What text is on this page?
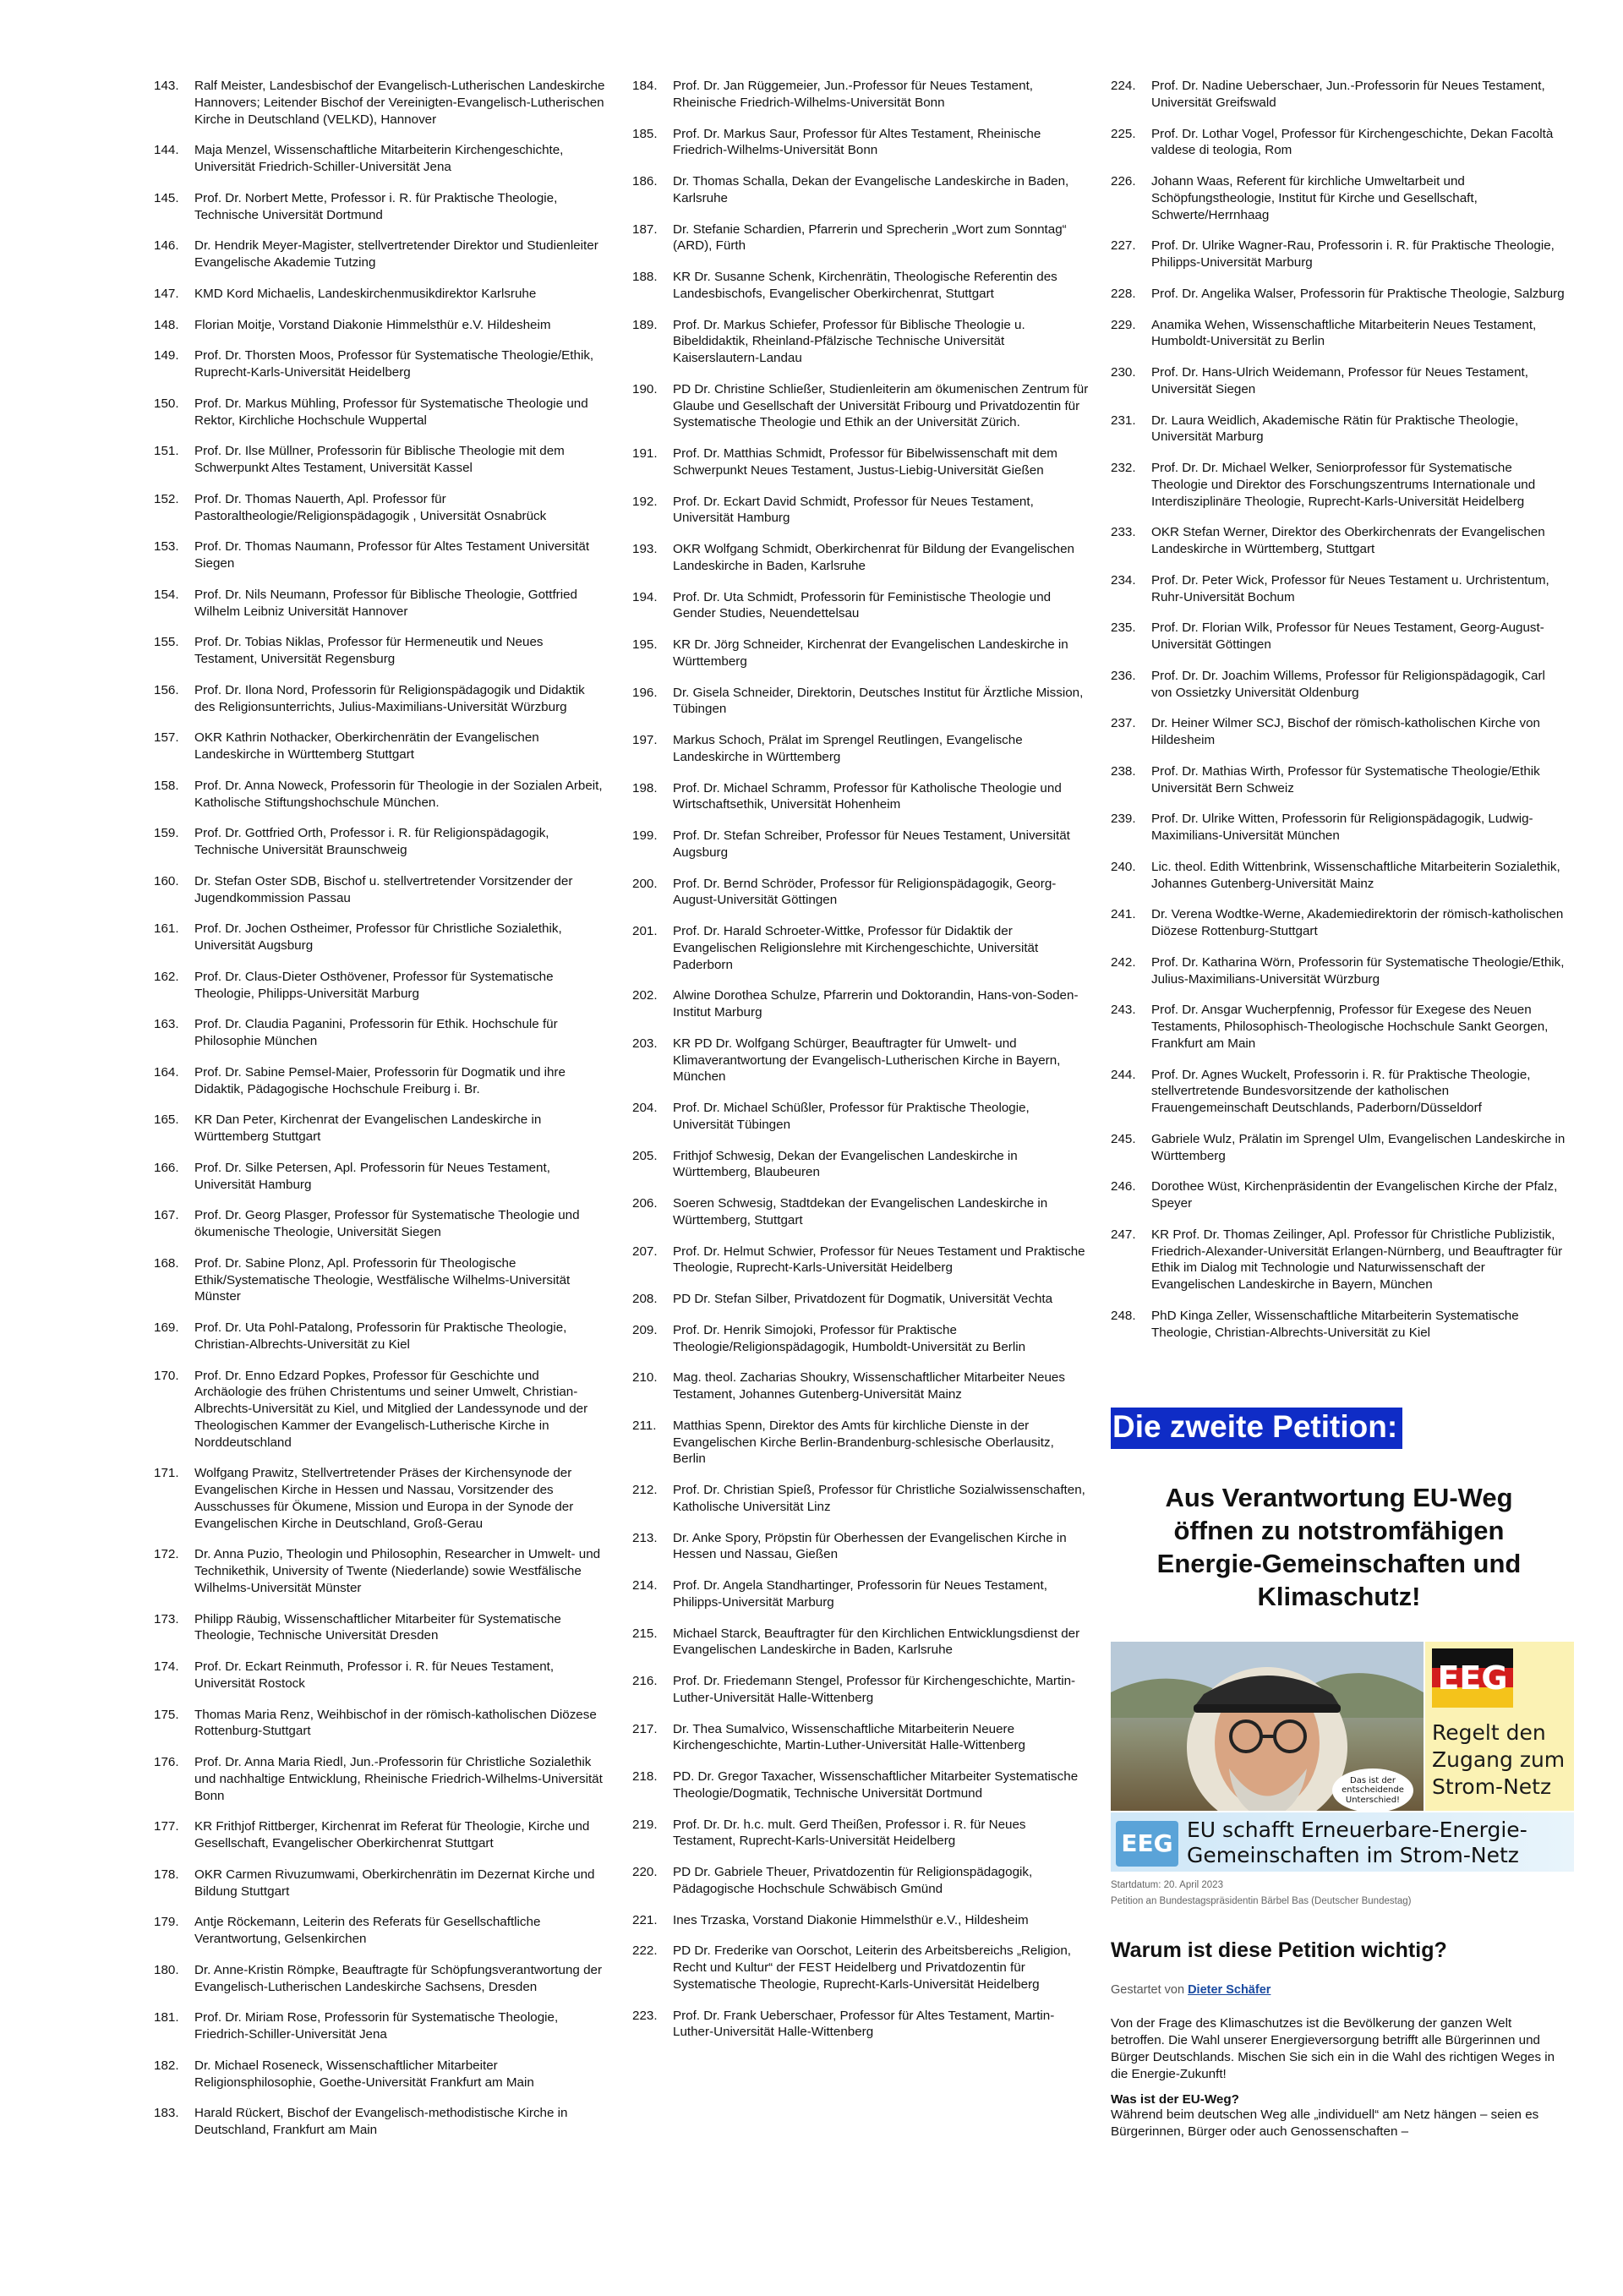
143.	Ralf Meister, Landesbischof der Evangelisch-Lutherischen Landeskirche Hannovers; Leitender Bischof der Vereinigten-Evangelisch-Lutherischen Kirche in Deutschland (VELKD), Hannover
144.	Maja Menzel, Wissenschaftliche Mitarbeiterin Kirchengeschichte, Universität Friedrich-Schiller-Universität Jena
145.	Prof. Dr. Norbert Mette, Professor i. R. für Praktische Theologie, Technische Universität Dortmund
146.	Dr. Hendrik Meyer-Magister, stellvertretender Direktor und Studienleiter Evangelische Akademie Tutzing
147.	KMD Kord Michaelis, Landeskirchenmusikdirektor Karlsruhe
148.	Florian Moitje, Vorstand Diakonie Himmelsthür e.V. Hildesheim
149.	Prof. Dr. Thorsten Moos, Professor für Systematische Theologie/Ethik, Ruprecht-Karls-Universität Heidelberg
150.	Prof. Dr. Markus Mühling, Professor für Systematische Theologie und Rektor, Kirchliche Hochschule Wuppertal
151.	Prof. Dr. Ilse Müllner, Professorin für Biblische Theologie mit dem Schwerpunkt Altes Testament, Universität Kassel
152.	Prof. Dr. Thomas Nauerth, Apl. Professor für Pastoraltheologie/Religionspädagogik , Universität Osnabrück
153.	Prof. Dr. Thomas Naumann, Professor für Altes Testament Universität Siegen
154.	Prof. Dr. Nils Neumann, Professor für Biblische Theologie, Gottfried Wilhelm Leibniz Universität Hannover
155.	Prof. Dr. Tobias Niklas, Professor für Hermeneutik und Neues Testament, Universität Regensburg
156.	Prof. Dr. Ilona Nord, Professorin für Religionspädagogik und Didaktik des Religionsunterrichts, Julius-Maximilians-Universität Würzburg
157.	OKR Kathrin Nothacker, Oberkirchenrätin der Evangelischen Landeskirche in Württemberg Stuttgart
158.	Prof. Dr. Anna Noweck, Professorin für Theologie in der Sozialen Arbeit, Katholische Stiftungshochschule München.
159.	Prof. Dr. Gottfried Orth, Professor i. R. für Religionspädagogik, Technische Universität Braunschweig
160.	Dr. Stefan Oster SDB, Bischof u. stellvertretender Vorsitzender der Jugendkommission Passau
161.	Prof. Dr. Jochen Ostheimer, Professor für Christliche Sozialethik, Universität Augsburg
162.	Prof. Dr. Claus-Dieter Osthövener, Professor für Systematische Theologie, Philipps-Universität Marburg
163.	Prof. Dr. Claudia Paganini, Professorin für Ethik. Hochschule für Philosophie München
164.	Prof. Dr. Sabine Pemsel-Maier, Professorin für Dogmatik und ihre Didaktik, Pädagogische Hochschule Freiburg i. Br.
165.	KR Dan Peter, Kirchenrat der Evangelischen Landeskirche in Württemberg Stuttgart
166.	Prof. Dr. Silke Petersen, Apl. Professorin für Neues Testament, Universität Hamburg
167.	Prof. Dr. Georg Plasger, Professor für Systematische Theologie und ökumenische Theologie, Universität Siegen
168.	Prof. Dr. Sabine Plonz, Apl. Professorin für Theologische Ethik/Systematische Theologie, Westfälische Wilhelms-Universität Münster
169.	Prof. Dr. Uta Pohl-Patalong, Professorin für Praktische Theologie, Christian-Albrechts-Universität zu Kiel
170.	Prof. Dr. Enno Edzard Popkes, Professor für Geschichte und Archäologie des frühen Christentums und seiner Umwelt, Christian-Albrechts-Universität zu Kiel, und Mitglied der Landessynode und der Theologischen Kammer der Evangelisch-Lutherische Kirche in Norddeutschland
171.	Wolfgang Prawitz, Stellvertretender Präses der Kirchensynode der Evangelischen Kirche in Hessen und Nassau, Vorsitzender des Ausschusses für Ökumene, Mission und Europa in der Synode der Evangelischen Kirche in Deutschland, Groß-Gerau
172.	Dr. Anna Puzio, Theologin und Philosophin, Researcher in Umwelt- und Technikethik, University of Twente (Niederlande) sowie Westfälische Wilhelms-Universität Münster
173.	Philipp Räubig, Wissenschaftlicher Mitarbeiter für Systematische Theologie, Technische Universität Dresden
174.	Prof. Dr. Eckart Reinmuth, Professor i. R. für Neues Testament, Universität Rostock
175.	Thomas Maria Renz, Weihbischof in der römisch-katholischen Diözese Rottenburg-Stuttgart
176.	Prof. Dr. Anna Maria Riedl, Jun.-Professorin für Christliche Sozialethik und nachhaltige Entwicklung, Rheinische Friedrich-Wilhelms-Universität Bonn
177.	KR Frithjof Rittberger, Kirchenrat im Referat für Theologie, Kirche und Gesellschaft, Evangelischer Oberkirchenrat Stuttgart
178.	OKR Carmen Rivuzumwami, Oberkirchenrätin im Dezernat Kirche und Bildung Stuttgart
179.	Antje Röckemann, Leiterin des Referats für Gesellschaftliche Verantwortung, Gelsenkirchen
180.	Dr. Anne-Kristin Römpke, Beauftragte für Schöpfungsverantwortung der Evangelisch-Lutherischen Landeskirche Sachsens, Dresden
181.	Prof. Dr. Miriam Rose, Professorin für Systematische Theologie, Friedrich-Schiller-Universität Jena
182.	Dr. Michael Roseneck, Wissenschaftlicher Mitarbeiter Religionsphilosophie, Goethe-Universität Frankfurt am Main
183.	Harald Rückert, Bischof der Evangelisch-methodistische Kirche in Deutschland, Frankfurt am Main
184.	Prof. Dr. Jan Rüggemeier, Jun.-Professor für Neues Testament, Rheinische Friedrich-Wilhelms-Universität Bonn
185.	Prof. Dr. Markus Saur, Professor für Altes Testament, Rheinische Friedrich-Wilhelms-Universität Bonn
186.	Dr. Thomas Schalla, Dekan der Evangelische Landeskirche in Baden, Karlsruhe
187.	Dr. Stefanie Schardien, Pfarrerin und Sprecherin „Wort zum Sonntag“ (ARD), Fürth
188.	KR Dr. Susanne Schenk, Kirchenrätin, Theologische Referentin des Landesbischofs, Evangelischer Oberkirchenrat, Stuttgart
189.	Prof. Dr. Markus Schiefer, Professor für Biblische Theologie u. Bibeldidaktik, Rheinland-Pfälzische Technische Universität Kaiserslautern-Landau
190.	PD Dr. Christine Schließer, Studienleiterin am ökumenischen Zentrum für Glaube und Gesellschaft der Universität Fribourg und Privatdozentin für Systematische Theologie und Ethik an der Universität Zürich.
191.	Prof. Dr. Matthias Schmidt, Professor für Bibelwissenschaft mit dem Schwerpunkt Neues Testament, Justus-Liebig-Universität Gießen
192.	Prof. Dr. Eckart David Schmidt, Professor für Neues Testament, Universität Hamburg
193.	OKR Wolfgang Schmidt, Oberkirchenrat für Bildung der Evangelischen Landeskirche in Baden, Karlsruhe
194.	Prof. Dr. Uta Schmidt, Professorin für Feministische Theologie und Gender Studies, Neuendettelsau
195.	KR Dr. Jörg Schneider, Kirchenrat der Evangelischen Landeskirche in Württemberg
196.	Dr. Gisela Schneider, Direktorin, Deutsches Institut für Ärztliche Mission, Tübingen
197.	Markus Schoch, Prälat im Sprengel Reutlingen, Evangelische Landeskirche in Württemberg
198.	Prof. Dr. Michael Schramm, Professor für Katholische Theologie und Wirtschaftsethik, Universität Hohenheim
199.	Prof. Dr. Stefan Schreiber, Professor für Neues Testament, Universität Augsburg
200.	Prof. Dr. Bernd Schröder, Professor für Religionspädagogik, Georg-August-Universität Göttingen
201.	Prof. Dr. Harald Schroeter-Wittke, Professor für Didaktik der Evangelischen Religionslehre mit Kirchengeschichte, Universität Paderborn
202.	Alwine Dorothea Schulze, Pfarrerin und Doktorandin, Hans-von-Soden-Institut Marburg
203.	KR PD Dr. Wolfgang Schürger, Beauftragter für Umwelt- und Klimaverantwortung der Evangelisch-Lutherischen Kirche in Bayern, München
204.	Prof. Dr. Michael Schüßler, Professor für Praktische Theologie, Universität Tübingen
205.	Frithjof Schwesig, Dekan der Evangelischen Landeskirche in Württemberg, Blaubeuren
206.	Soeren Schwesig, Stadtdekan der Evangelischen Landeskirche in Württemberg, Stuttgart
207.	Prof. Dr. Helmut Schwier, Professor für Neues Testament und Praktische Theologie, Ruprecht-Karls-Universität Heidelberg
208.	PD Dr. Stefan Silber, Privatdozent für Dogmatik, Universität Vechta
209.	Prof. Dr. Henrik Simojoki, Professor für Praktische Theologie/Religionspädagogik, Humboldt-Universität zu Berlin
210.	Mag. theol. Zacharias Shoukry, Wissenschaftlicher Mitarbeiter Neues Testament, Johannes Gutenberg-Universität Mainz
211.	Matthias Spenn, Direktor des Amts für kirchliche Dienste in der Evangelischen Kirche Berlin-Brandenburg-schlesische Oberlausitz, Berlin
212.	Prof. Dr. Christian Spieß, Professor für Christliche Sozialwissenschaften, Katholische Universität Linz
213.	Dr. Anke Spory, Pröpstin für Oberhessen der Evangelischen Kirche in Hessen und Nassau, Gießen
214.	Prof. Dr. Angela Standhartinger, Professorin für Neues Testament, Philipps-Universität Marburg
215.	Michael Starck, Beauftragter für den Kirchlichen Entwicklungsdienst der Evangelischen Landeskirche in Baden, Karlsruhe
216.	Prof. Dr. Friedemann Stengel, Professor für Kirchengeschichte, Martin-Luther-Universität Halle-Wittenberg
217.	Dr. Thea Sumalvico, Wissenschaftliche Mitarbeiterin Neuere Kirchengeschichte, Martin-Luther-Universität Halle-Wittenberg
218.	PD. Dr. Gregor Taxacher, Wissenschaftlicher Mitarbeiter Systematische Theologie/Dogmatik, Technische Universität Dortmund
219.	Prof. Dr. Dr. h.c. mult. Gerd Theißen, Professor i. R. für Neues Testament, Ruprecht-Karls-Universität Heidelberg
220.	PD Dr. Gabriele Theuer, Privatdozentin für Religionspädagogik, Pädagogische Hochschule Schwäbisch Gmünd
221.	Ines Trzaska, Vorstand Diakonie Himmelsthür e.V., Hildesheim
222.	PD Dr. Frederike van Oorschot, Leiterin des Arbeitsbereichs „Religion, Recht und Kultur“ der FEST Heidelberg und Privatdozentin für Systematische Theologie, Ruprecht-Karls-Universität Heidelberg
223.	Prof. Dr. Frank Ueberschaer, Professor für Altes Testament, Martin-Luther-Universität Halle-Wittenberg
224.	Prof. Dr. Nadine Ueberschaer, Jun.-Professorin für Neues Testament, Universität Greifswald
225.	Prof. Dr. Lothar Vogel, Professor für Kirchengeschichte, Dekan Facoltà valdese di teologia, Rom
226.	Johann Waas, Referent für kirchliche Umweltarbeit und Schöpfungstheologie, Institut für Kirche und Gesellschaft, Schwerte/Herrnhaag
227.	Prof. Dr. Ulrike Wagner-Rau, Professorin i. R. für Praktische Theologie, Philipps-Universität Marburg
228.	Prof. Dr. Angelika Walser, Professorin für Praktische Theologie, Salzburg
229.	Anamika Wehen, Wissenschaftliche Mitarbeiterin Neues Testament, Humboldt-Universität zu Berlin
230.	Prof. Dr. Hans-Ulrich Weidemann, Professor für Neues Testament, Universität Siegen
231.	Dr. Laura Weidlich, Akademische Rätin für Praktische Theologie, Universität Marburg
232.	Prof. Dr. Dr. Michael Welker, Seniorprofessor für Systematische Theologie und Direktor des Forschungszentrums Internationale und Interdisziplinäre Theologie, Ruprecht-Karls-Universität Heidelberg
233.	OKR Stefan Werner, Direktor des Oberkirchenrats der Evangelischen Landeskirche in Württemberg, Stuttgart
234.	Prof. Dr. Peter Wick, Professor für Neues Testament u. Urchristentum, Ruhr-Universität Bochum
235.	Prof. Dr. Florian Wilk, Professor für Neues Testament, Georg-August-Universität Göttingen
236.	Prof. Dr. Dr. Joachim Willems, Professor für Religionspädagogik, Carl von Ossietzky Universität Oldenburg
237.	Dr. Heiner Wilmer SCJ, Bischof der römisch-katholischen Kirche von Hildesheim
238.	Prof. Dr. Mathias Wirth, Professor für Systematische Theologie/Ethik Universität Bern Schweiz
239.	Prof. Dr. Ulrike Witten, Professorin für Religionspädagogik, Ludwig-Maximilians-Universität München
240.	Lic. theol. Edith Wittenbrink, Wissenschaftliche Mitarbeiterin Sozialethik, Johannes Gutenberg-Universität Mainz
241.	Dr. Verena Wodtke-Werne, Akademiedirektorin der römisch-katholischen Diözese Rottenburg-Stuttgart
242.	Prof. Dr. Katharina Wörn, Professorin für Systematische Theologie/Ethik, Julius-Maximilians-Universität Würzburg
243.	Prof. Dr. Ansgar Wucherpfennig, Professor für Exegese des Neuen Testaments, Philosophisch-Theologische Hochschule Sankt Georgen, Frankfurt am Main
244.	Prof. Dr. Agnes Wuckelt, Professorin i. R. für Praktische Theologie, stellvertretende Bundesvorsitzende der katholischen Frauengemeinschaft Deutschlands, Paderborn/Düsseldorf
245.	Gabriele Wulz, Prälatin im Sprengel Ulm, Evangelischen Landeskirche in Württemberg
246.	Dorothee Wüst, Kirchenpräsidentin der Evangelischen Kirche der Pfalz, Speyer
247.	KR Prof. Dr. Thomas Zeilinger, Apl. Professor für Christliche Publizistik, Friedrich-Alexander-Universität Erlangen-Nürnberg, und Beauftragter für Ethik im Dialog mit Technologie und Naturwissenschaft der Evangelischen Landeskirche in Bayern, München
248.	PhD Kinga Zeller, Wissenschaftliche Mitarbeiterin Systematische Theologie, Christian-Albrechts-Universität zu Kiel
Die zweite Petition:
Aus Verantwortung EU-Weg öffnen zu notstromfähigen Energie-Gemeinschaften und Klimaschutz!
Das ist der
entscheidende
Unterschied!
EEG
Regelt den
Zugang zum
Strom-Netz
EEG EU schafft Erneuerbare-Energie-
Gemeinschaften im Strom-Netz
Startdatum: 20. April 2023
Petition an Bundestagspräsidentin Bärbel Bas (Deutscher Bundestag)
Warum ist diese Petition wichtig?
Gestartet von Dieter Schäfer
Von der Frage des Klimaschutzes ist die Bevölkerung der ganzen Welt betroffen. Die Wahl unserer Energieversorgung betrifft alle Bürgerinnen und Bürger Deutschlands. Mischen Sie sich ein in die Wahl des richtigen Weges in die Energie-Zukunft!
Was ist der EU-Weg?
Während beim deutschen Weg alle „individuell“ am Netz hängen – seien es Bürgerinnen, Bürger oder auch Genossenschaften –
